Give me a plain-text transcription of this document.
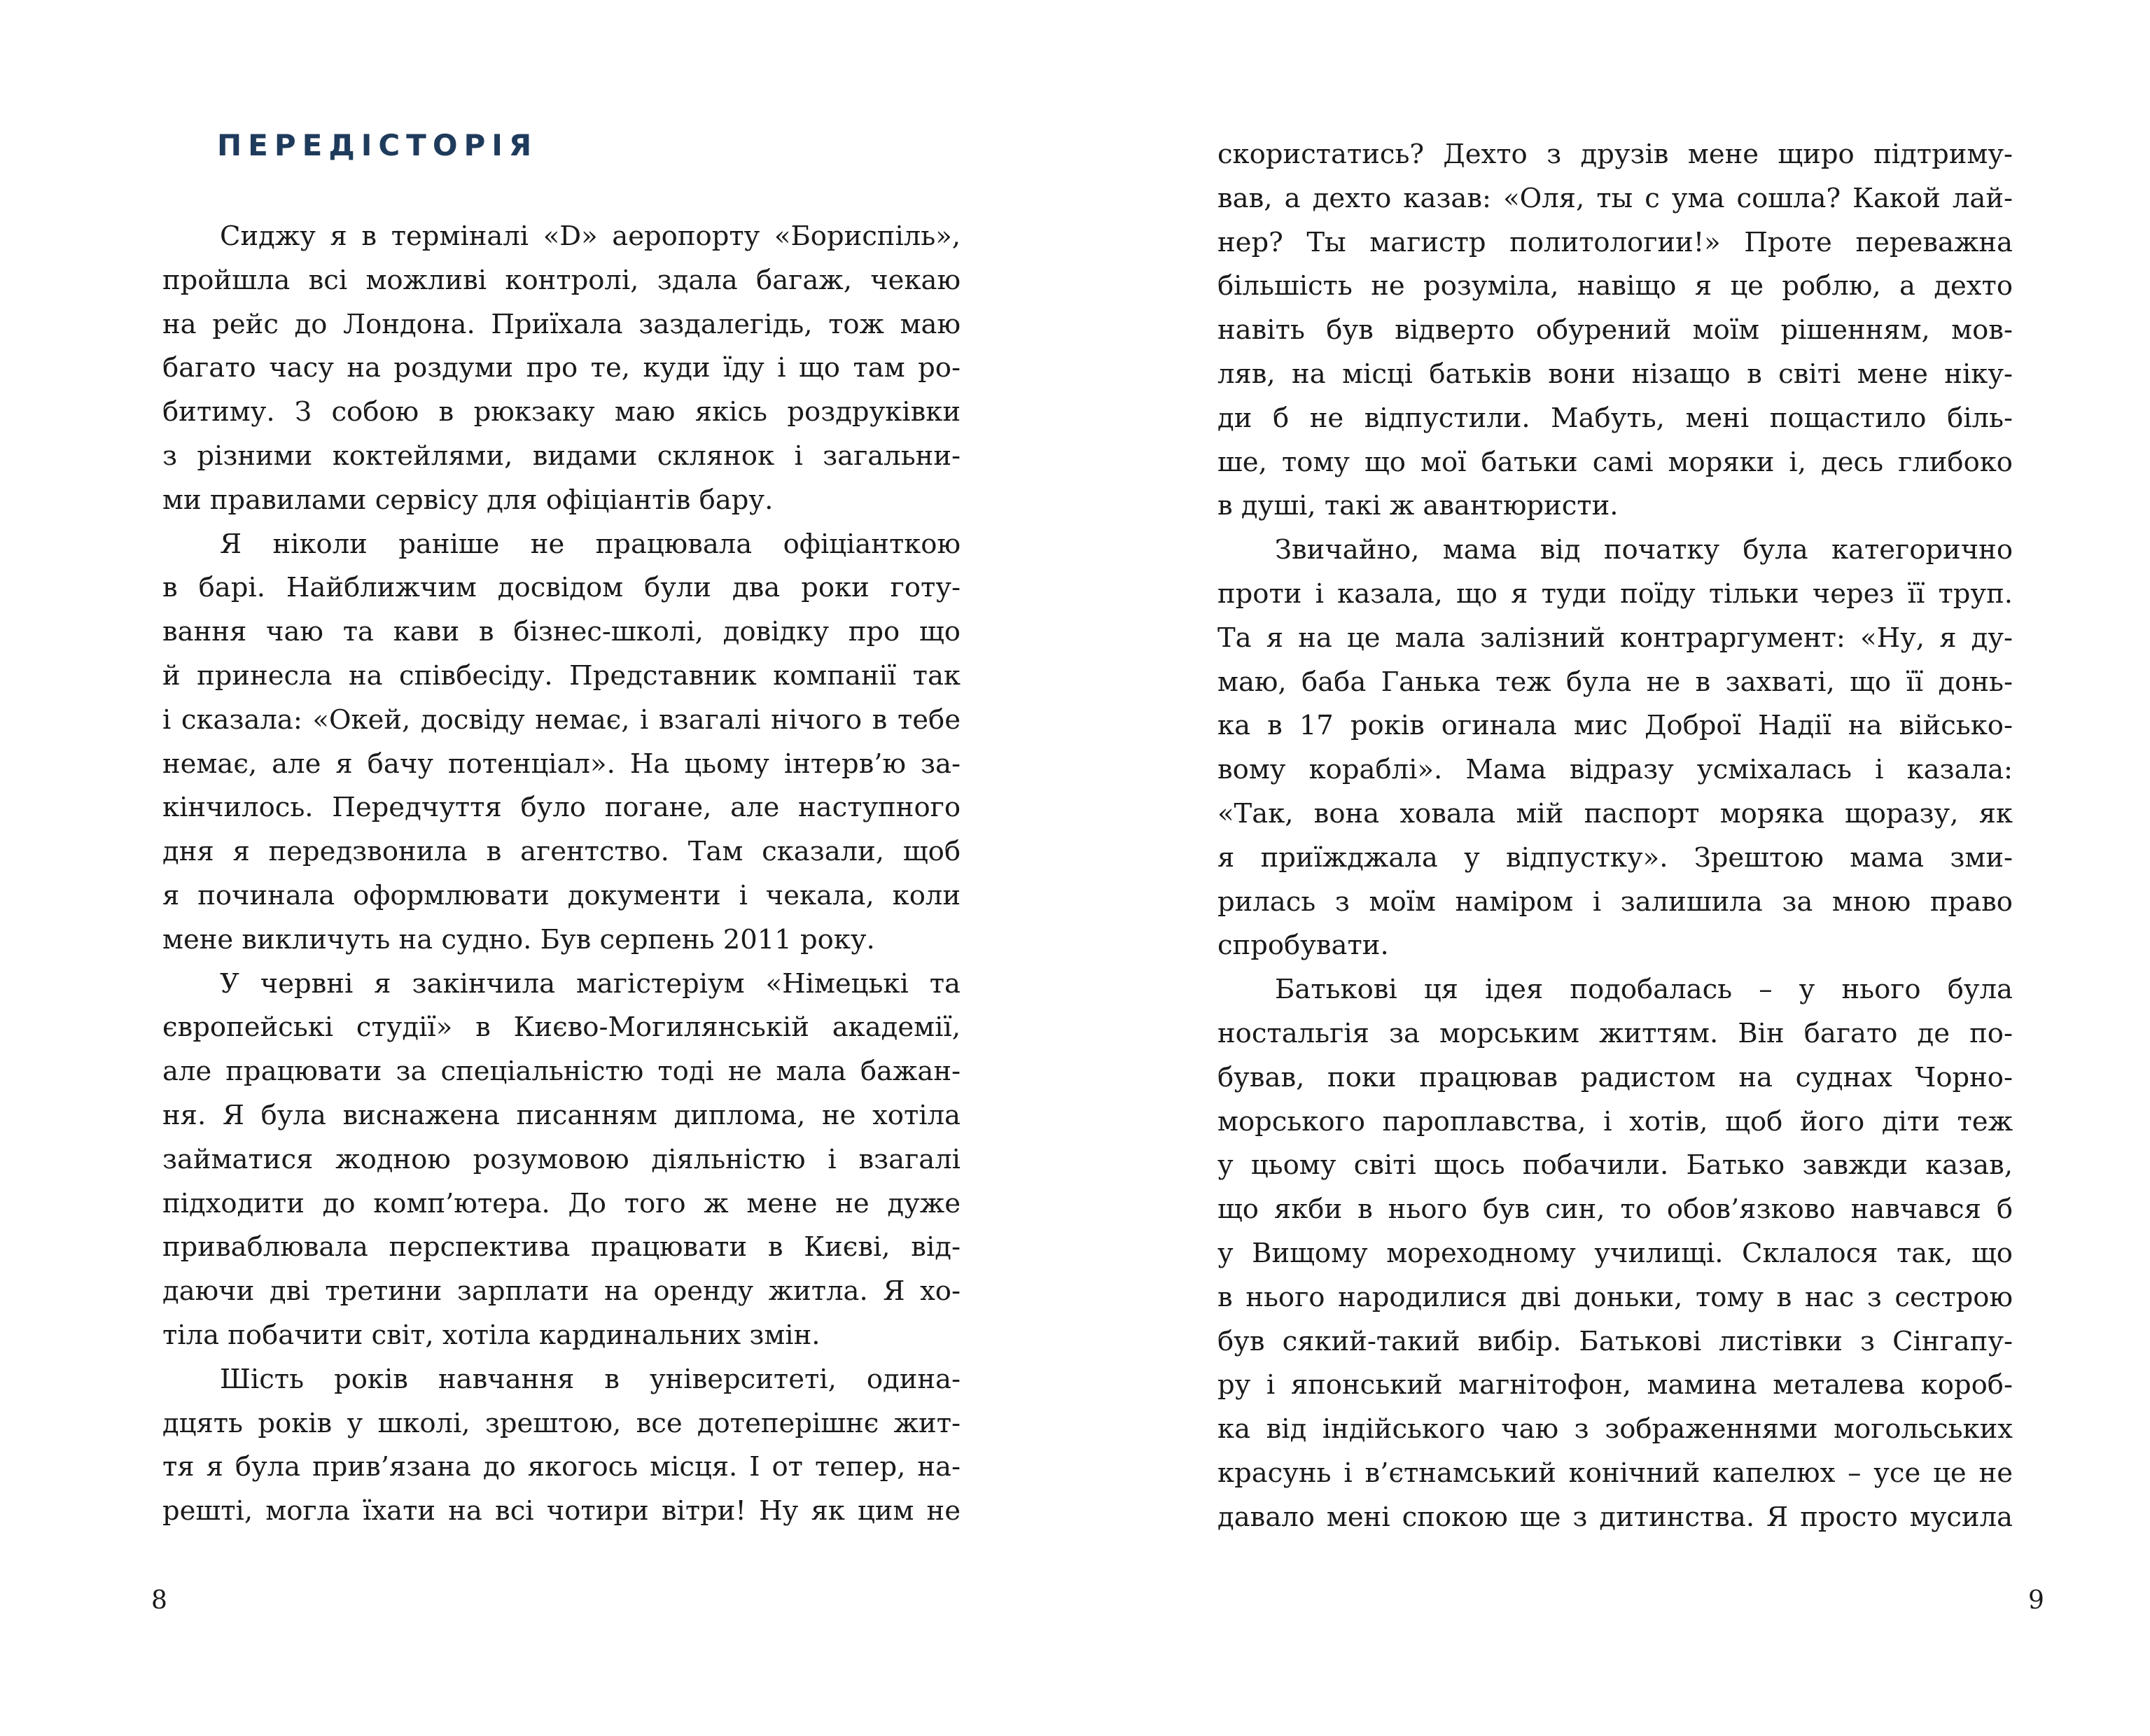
ПЕРЕДІСТОРІЯ
Сиджу я в терміналі «D» аеропорту «Бориспіль»,
пройшла всі можливі контролі, здала багаж, чекаю
на рейс до Лондона. Приїхала заздалегідь, тож маю
багато часу на роздуми про те, куди їду і що там ро-
битиму. З собою в рюкзаку маю якісь роздруківки
з різними коктейлями, видами склянок і загальни-
ми правилами сервісу для офіціантів бару.
Я ніколи раніше не працювала офіціанткою
в барі. Найближчим досвідом були два роки готу-
вання чаю та кави в бізнес-школі, довідку про що
й принесла на співбесіду. Представник компанії так
і сказала: «Окей, досвіду немає, і взагалі нічого в тебе
немає, але я бачу потенціал». На цьому інтерв’ю за-
кінчилось. Передчуття було погане, але наступного
дня я передзвонила в агентство. Там сказали, щоб
я починала оформлювати документи і чекала, коли
мене викличуть на судно. Був серпень 2011 року.
У червні я закінчила магістеріум «Німецькі та
європейські студії» в Києво-Могилянській академії,
але працювати за спеціальністю тоді не мала бажан-
ня. Я була виснажена писанням диплома, не хотіла
займатися жодною розумовою діяльністю і взагалі
підходити до комп’ютера. До того ж мене не дуже
приваблювала перспектива працювати в Києві, від-
даючи дві третини зарплати на оренду житла. Я хо-
тіла побачити світ, хотіла кардинальних змін.
Шість років навчання в університеті, одина-
дцять років у школі, зрештою, все дотеперішнє жит-
тя я була прив’язана до якогось місця. І от тепер, на-
решті, могла їхати на всі чотири вітри! Ну як цим не
8
скористатись? Дехто з друзів мене щиро підтриму-
вав, а дехто казав: «Оля, ты с ума сошла? Какой лай-
нер? Ты магистр политологии!» Проте переважна
більшість не розуміла, навіщо я це роблю, а дехто
навіть був відверто обурений моїм рішенням, мов-
ляв, на місці батьків вони нізащо в світі мене ніку-
ди б не відпустили. Мабуть, мені пощастило біль-
ше, тому що мої батьки самі моряки і, десь глибоко
в душі, такі ж авантюристи.
Звичайно, мама від початку була категорично
проти і казала, що я туди поїду тільки через її труп.
Та я на це мала залізний контраргумент: «Ну, я ду-
маю, баба Ганька теж була не в захваті, що її донь-
ка в 17 років огинала мис Доброї Надії на військо-
вому кораблі». Мама відразу усміхалась і казала:
«Так, вона ховала мій паспорт моряка щоразу, як
я приїжджала у відпустку». Зрештою мама зми-
рилась з моїм наміром і залишила за мною право
спробувати.
Батькові ця ідея подобалась – у нього була
ностальгія за морським життям. Він багато де по-
бував, поки працював радистом на суднах Чорно-
морського пароплавства, і хотів, щоб його діти теж
у цьому світі щось побачили. Батько завжди казав,
що якби в нього був син, то обов’язково навчався б
у Вищому мореходному училищі. Склалося так, що
в нього народилися дві доньки, тому в нас з сестрою
був сякий-такий вибір. Батькові листівки з Сінгапу-
ру і японський магнітофон, мамина металева короб-
ка від індійського чаю з зображеннями могольських
красунь і в’єтнамський конічний капелюх – усе це не
давало мені спокою ще з дитинства. Я просто мусила
9
